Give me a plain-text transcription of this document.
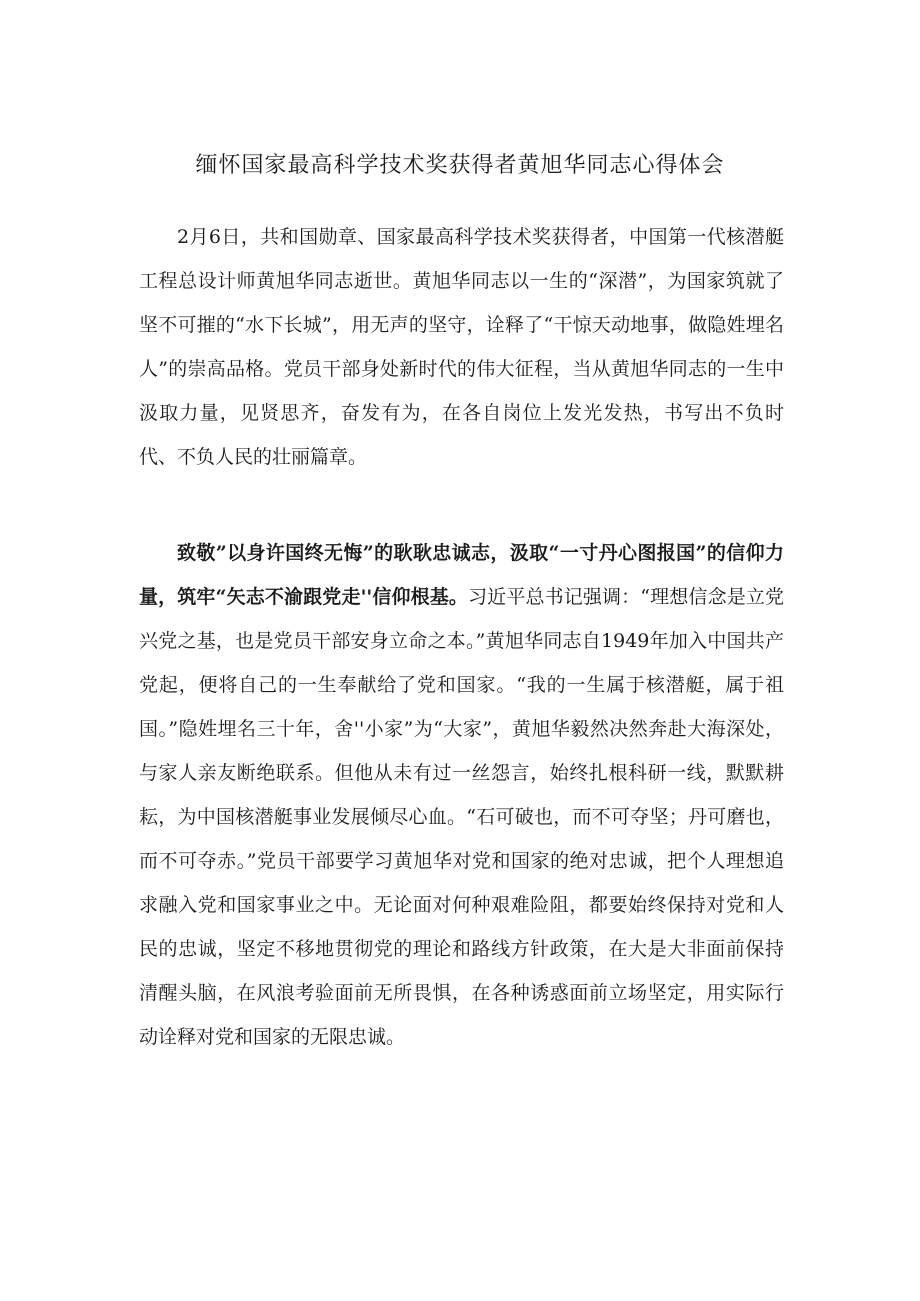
缅怀国家最高科学技术奖获得者黄旭华同志心得体会

2月6日，共和国勋章、国家最高科学技术奖获得者，中国第一代核潜艇工程总设计师黄旭华同志逝世。黄旭华同志以一生的“深潜”，为国家筑就了坚不可摧的“水下长城”，用无声的坚守，诠释了“干惊天动地事，做隐姓埋名人”的崇高品格。党员干部身处新时代的伟大征程，当从黄旭华同志的一生中汲取力量，见贤思齐，奋发有为，在各自岗位上发光发热，书写出不负时代、不负人民的壮丽篇章。

致敬”以身许国终无悔”的耿耿忠诚志，汲取“一寸丹心图报国”的信仰力量，筑牢“矢志不渝跟党走''信仰根基。习近平总书记强调：“理想信念是立党兴党之基，也是党员干部安身立命之本。”黄旭华同志自1949年加入中国共产党起，便将自己的一生奉献给了党和国家。“我的一生属于核潜艇，属于祖国。”隐姓埋名三十年，舍''小家”为“大家”，黄旭华毅然决然奔赴大海深处，与家人亲友断绝联系。但他从未有过一丝怨言，始终扎根科研一线，默默耕耘，为中国核潜艇事业发展倾尽心血。“石可破也，而不可夺坚；丹可磨也，而不可夺赤。”党员干部要学习黄旭华对党和国家的绝对忠诚，把个人理想追求融入党和国家事业之中。无论面对何种艰难险阻，都要始终保持对党和人民的忠诚，坚定不移地贯彻党的理论和路线方针政策，在大是大非面前保持清醒头脑，在风浪考验面前无所畏惧，在各种诱惑面前立场坚定，用实际行动诠释对党和国家的无限忠诚。
